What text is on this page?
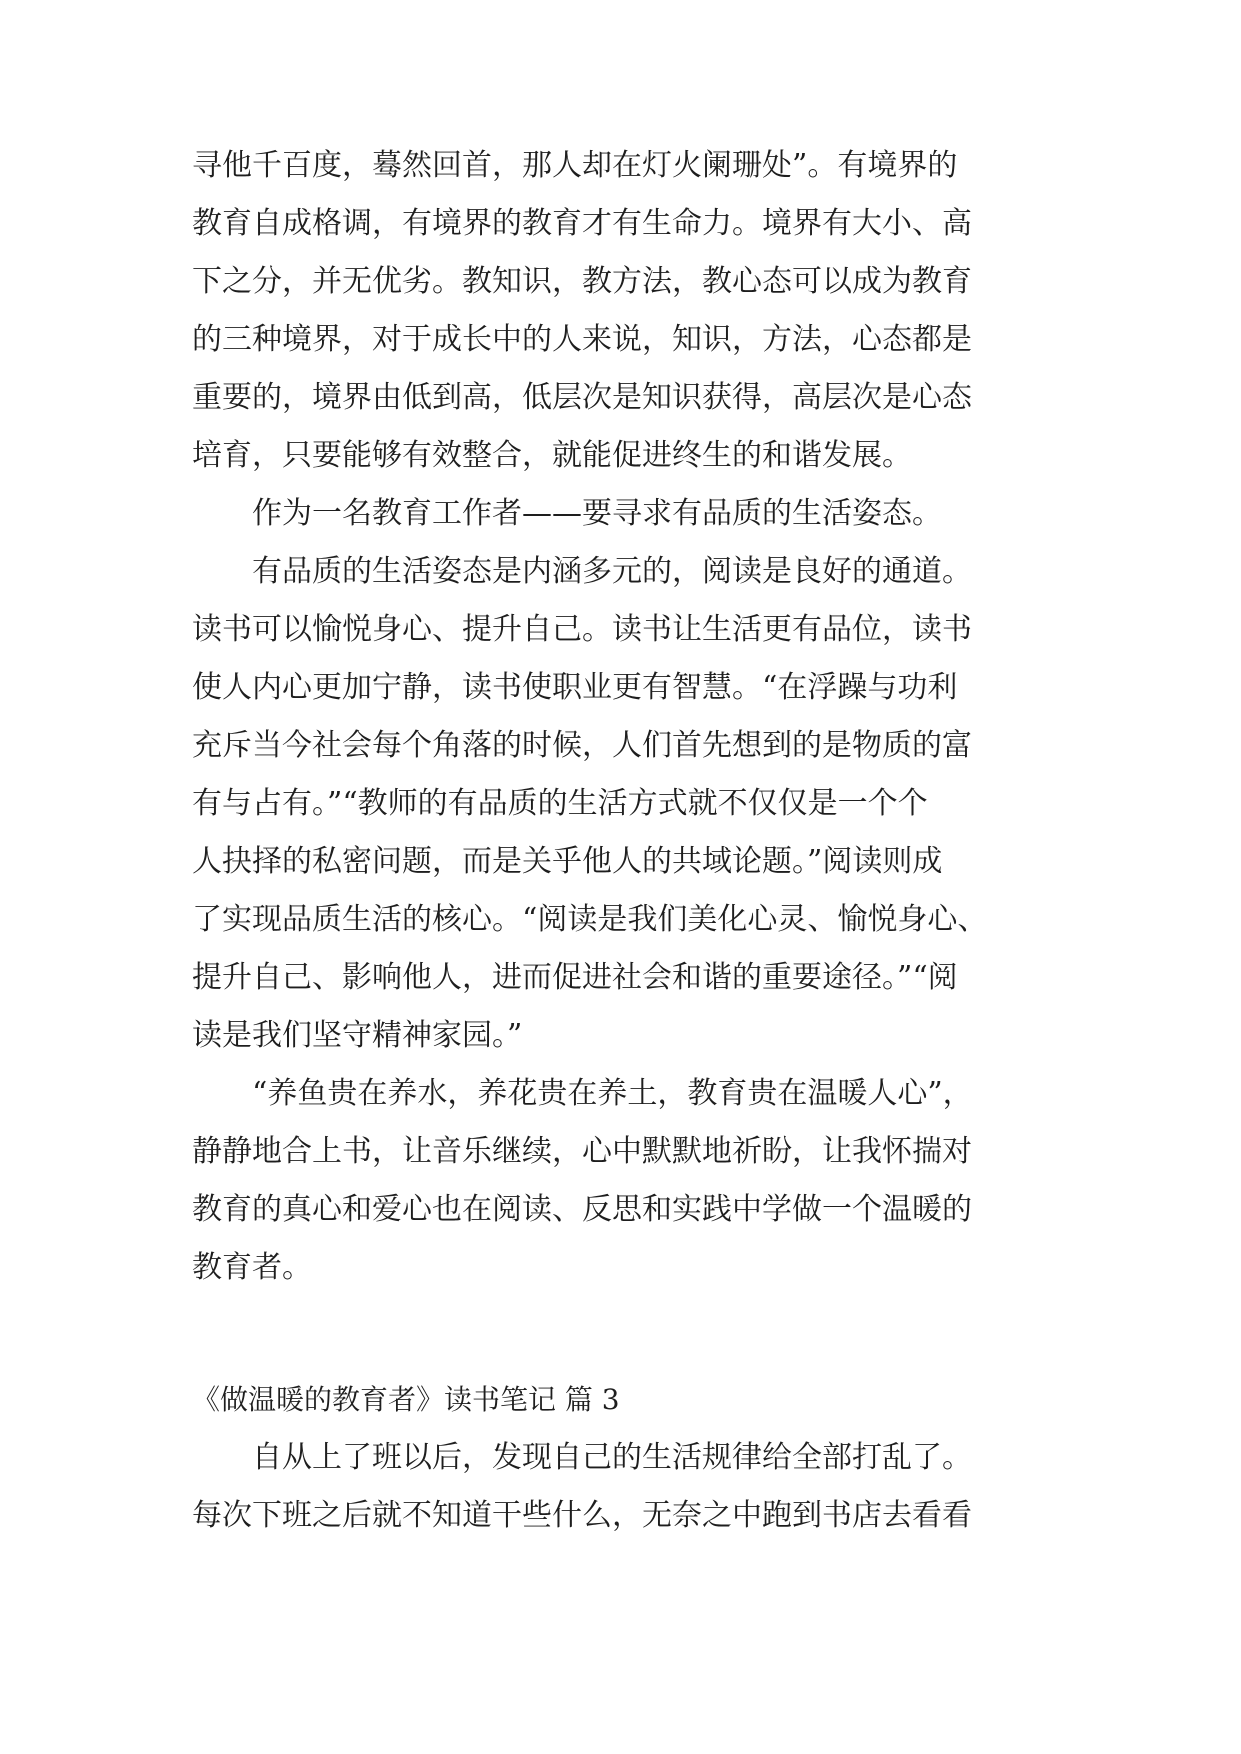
寻他千百度，蓦然回首，那人却在灯火阑珊处”。有境界的
教育自成格调，有境界的教育才有生命力。境界有大小、高
下之分，并无优劣。教知识，教方法，教心态可以成为教育
的三种境界，对于成长中的人来说，知识，方法，心态都是
重要的，境界由低到高，低层次是知识获得，高层次是心态
培育，只要能够有效整合，就能促进终生的和谐发展。
　　作为一名教育工作者——要寻求有品质的生活姿态。
　　有品质的生活姿态是内涵多元的，阅读是良好的通道。
读书可以愉悦身心、提升自己。读书让生活更有品位，读书
使人内心更加宁静，读书使职业更有智慧。“在浮躁与功利
充斥当今社会每个角落的时候，人们首先想到的是物质的富
有与占有。”“教师的有品质的生活方式就不仅仅是一个个
人抉择的私密问题，而是关乎他人的共域论题。”阅读则成
了实现品质生活的核心。“阅读是我们美化心灵、愉悦身心、
提升自己、影响他人，进而促进社会和谐的重要途径。”“阅
读是我们坚守精神家园。”
　　“养鱼贵在养水，养花贵在养土，教育贵在温暖人心”，
静静地合上书，让音乐继续，心中默默地祈盼，让我怀揣对
教育的真心和爱心也在阅读、反思和实践中学做一个温暖的
教育者。
《做温暖的教育者》读书笔记 篇 3
　　自从上了班以后，发现自己的生活规律给全部打乱了。
每次下班之后就不知道干些什么，无奈之中跑到书店去看看
